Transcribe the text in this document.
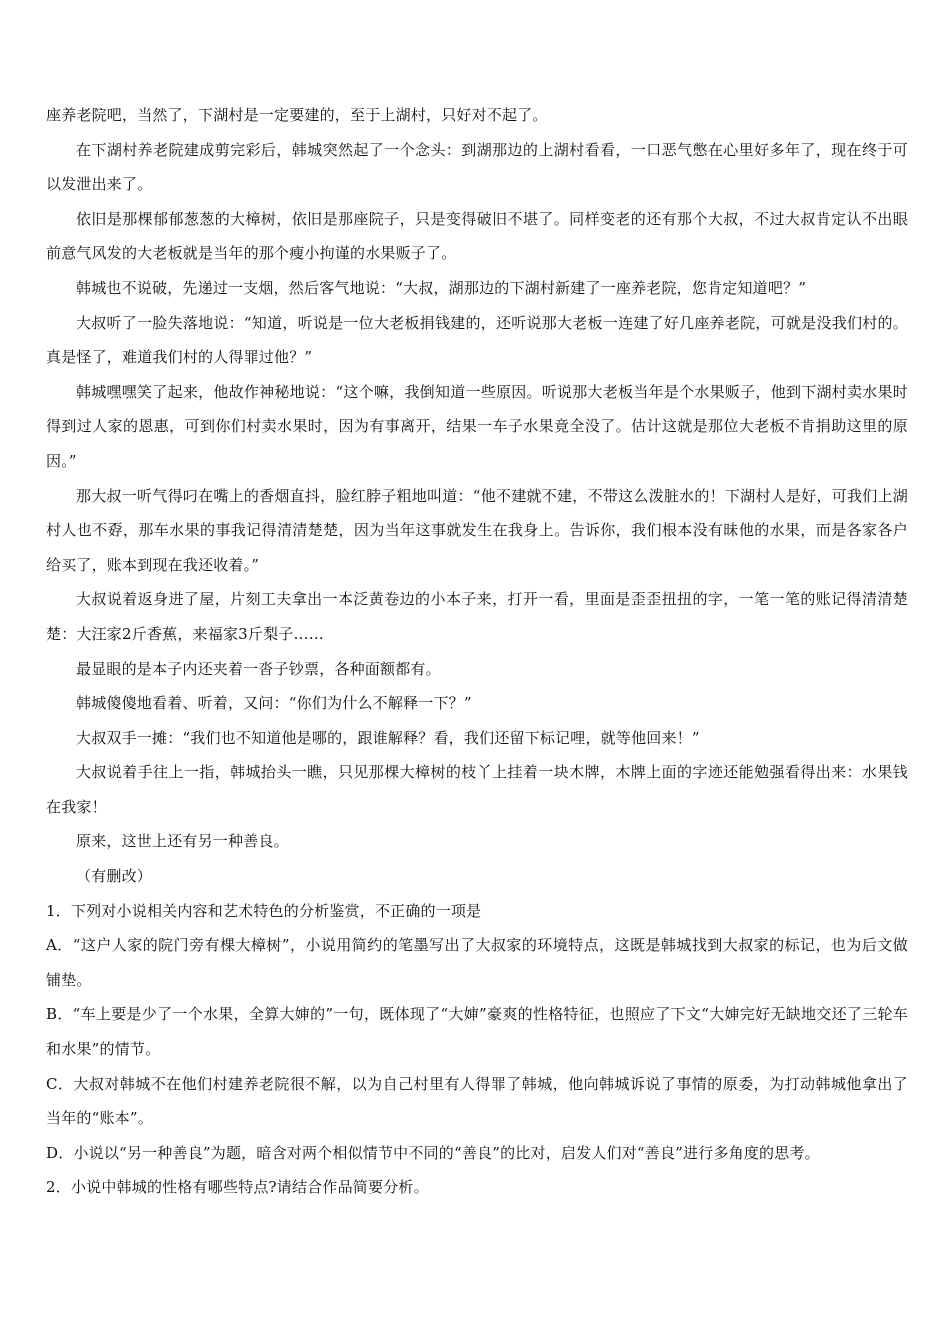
座养老院吧，当然了，下湖村是一定要建的，至于上湖村，只好对不起了。

在下湖村养老院建成剪完彩后，韩城突然起了一个念头：到湖那边的上湖村看看，一口恶气憋在心里好多年了，现在终于可以发泄出来了。

依旧是那棵郁郁葱葱的大樟树，依旧是那座院子，只是变得破旧不堪了。同样变老的还有那个大叔，不过大叔肯定认不出眼前意气风发的大老板就是当年的那个瘦小拘谨的水果贩子了。

韩城也不说破，先递过一支烟，然后客气地说：“大叔，湖那边的下湖村新建了一座养老院，您肯定知道吧？”

大叔听了一脸失落地说：“知道，听说是一位大老板捐钱建的，还听说那大老板一连建了好几座养老院，可就是没我们村的。真是怪了，难道我们村的人得罪过他？”

韩城嘿嘿笑了起来，他故作神秘地说：“这个嘛，我倒知道一些原因。听说那大老板当年是个水果贩子，他到下湖村卖水果时得到过人家的恩惠，可到你们村卖水果时，因为有事离开，结果一车子水果竟全没了。估计这就是那位大老板不肯捐助这里的原因。”

那大叔一听气得叼在嘴上的香烟直抖，脸红脖子粗地叫道：“他不建就不建，不带这么泼脏水的！下湖村人是好，可我们上湖村人也不孬，那车水果的事我记得清清楚楚，因为当年这事就发生在我身上。告诉你，我们根本没有昧他的水果，而是各家各户给买了，账本到现在我还收着。”

大叔说着返身进了屋，片刻工夫拿出一本泛黄卷边的小本子来，打开一看，里面是歪歪扭扭的字，一笔一笔的账记得清清楚楚：大汪家2斤香蕉，来福家3斤梨子……

最显眼的是本子内还夹着一沓子钞票，各种面额都有。

韩城傻傻地看着、听着，又问：“你们为什么不解释一下？”

大叔双手一摊：“我们也不知道他是哪的，跟谁解释？看，我们还留下标记哩，就等他回来！”

大叔说着手往上一指，韩城抬头一瞧，只见那棵大樟树的枝丫上挂着一块木牌，木牌上面的字迹还能勉强看得出来：水果钱在我家！

原来，这世上还有另一种善良。

（有删改）

1．下列对小说相关内容和艺术特色的分析鉴赏，不正确的一项是

A．“这户人家的院门旁有棵大樟树”，小说用简约的笔墨写出了大叔家的环境特点，这既是韩城找到大叔家的标记，也为后文做铺垫。

B．“车上要是少了一个水果，全算大婶的”一句，既体现了“大婶”豪爽的性格特征，也照应了下文“大婶完好无缺地交还了三轮车和水果”的情节。

C．大叔对韩城不在他们村建养老院很不解，以为自己村里有人得罪了韩城，他向韩城诉说了事情的原委，为打动韩城他拿出了当年的“账本”。

D．小说以“另一种善良”为题，暗含对两个相似情节中不同的“善良”的比对，启发人们对“善良”进行多角度的思考。

2．小说中韩城的性格有哪些特点?请结合作品简要分析。
